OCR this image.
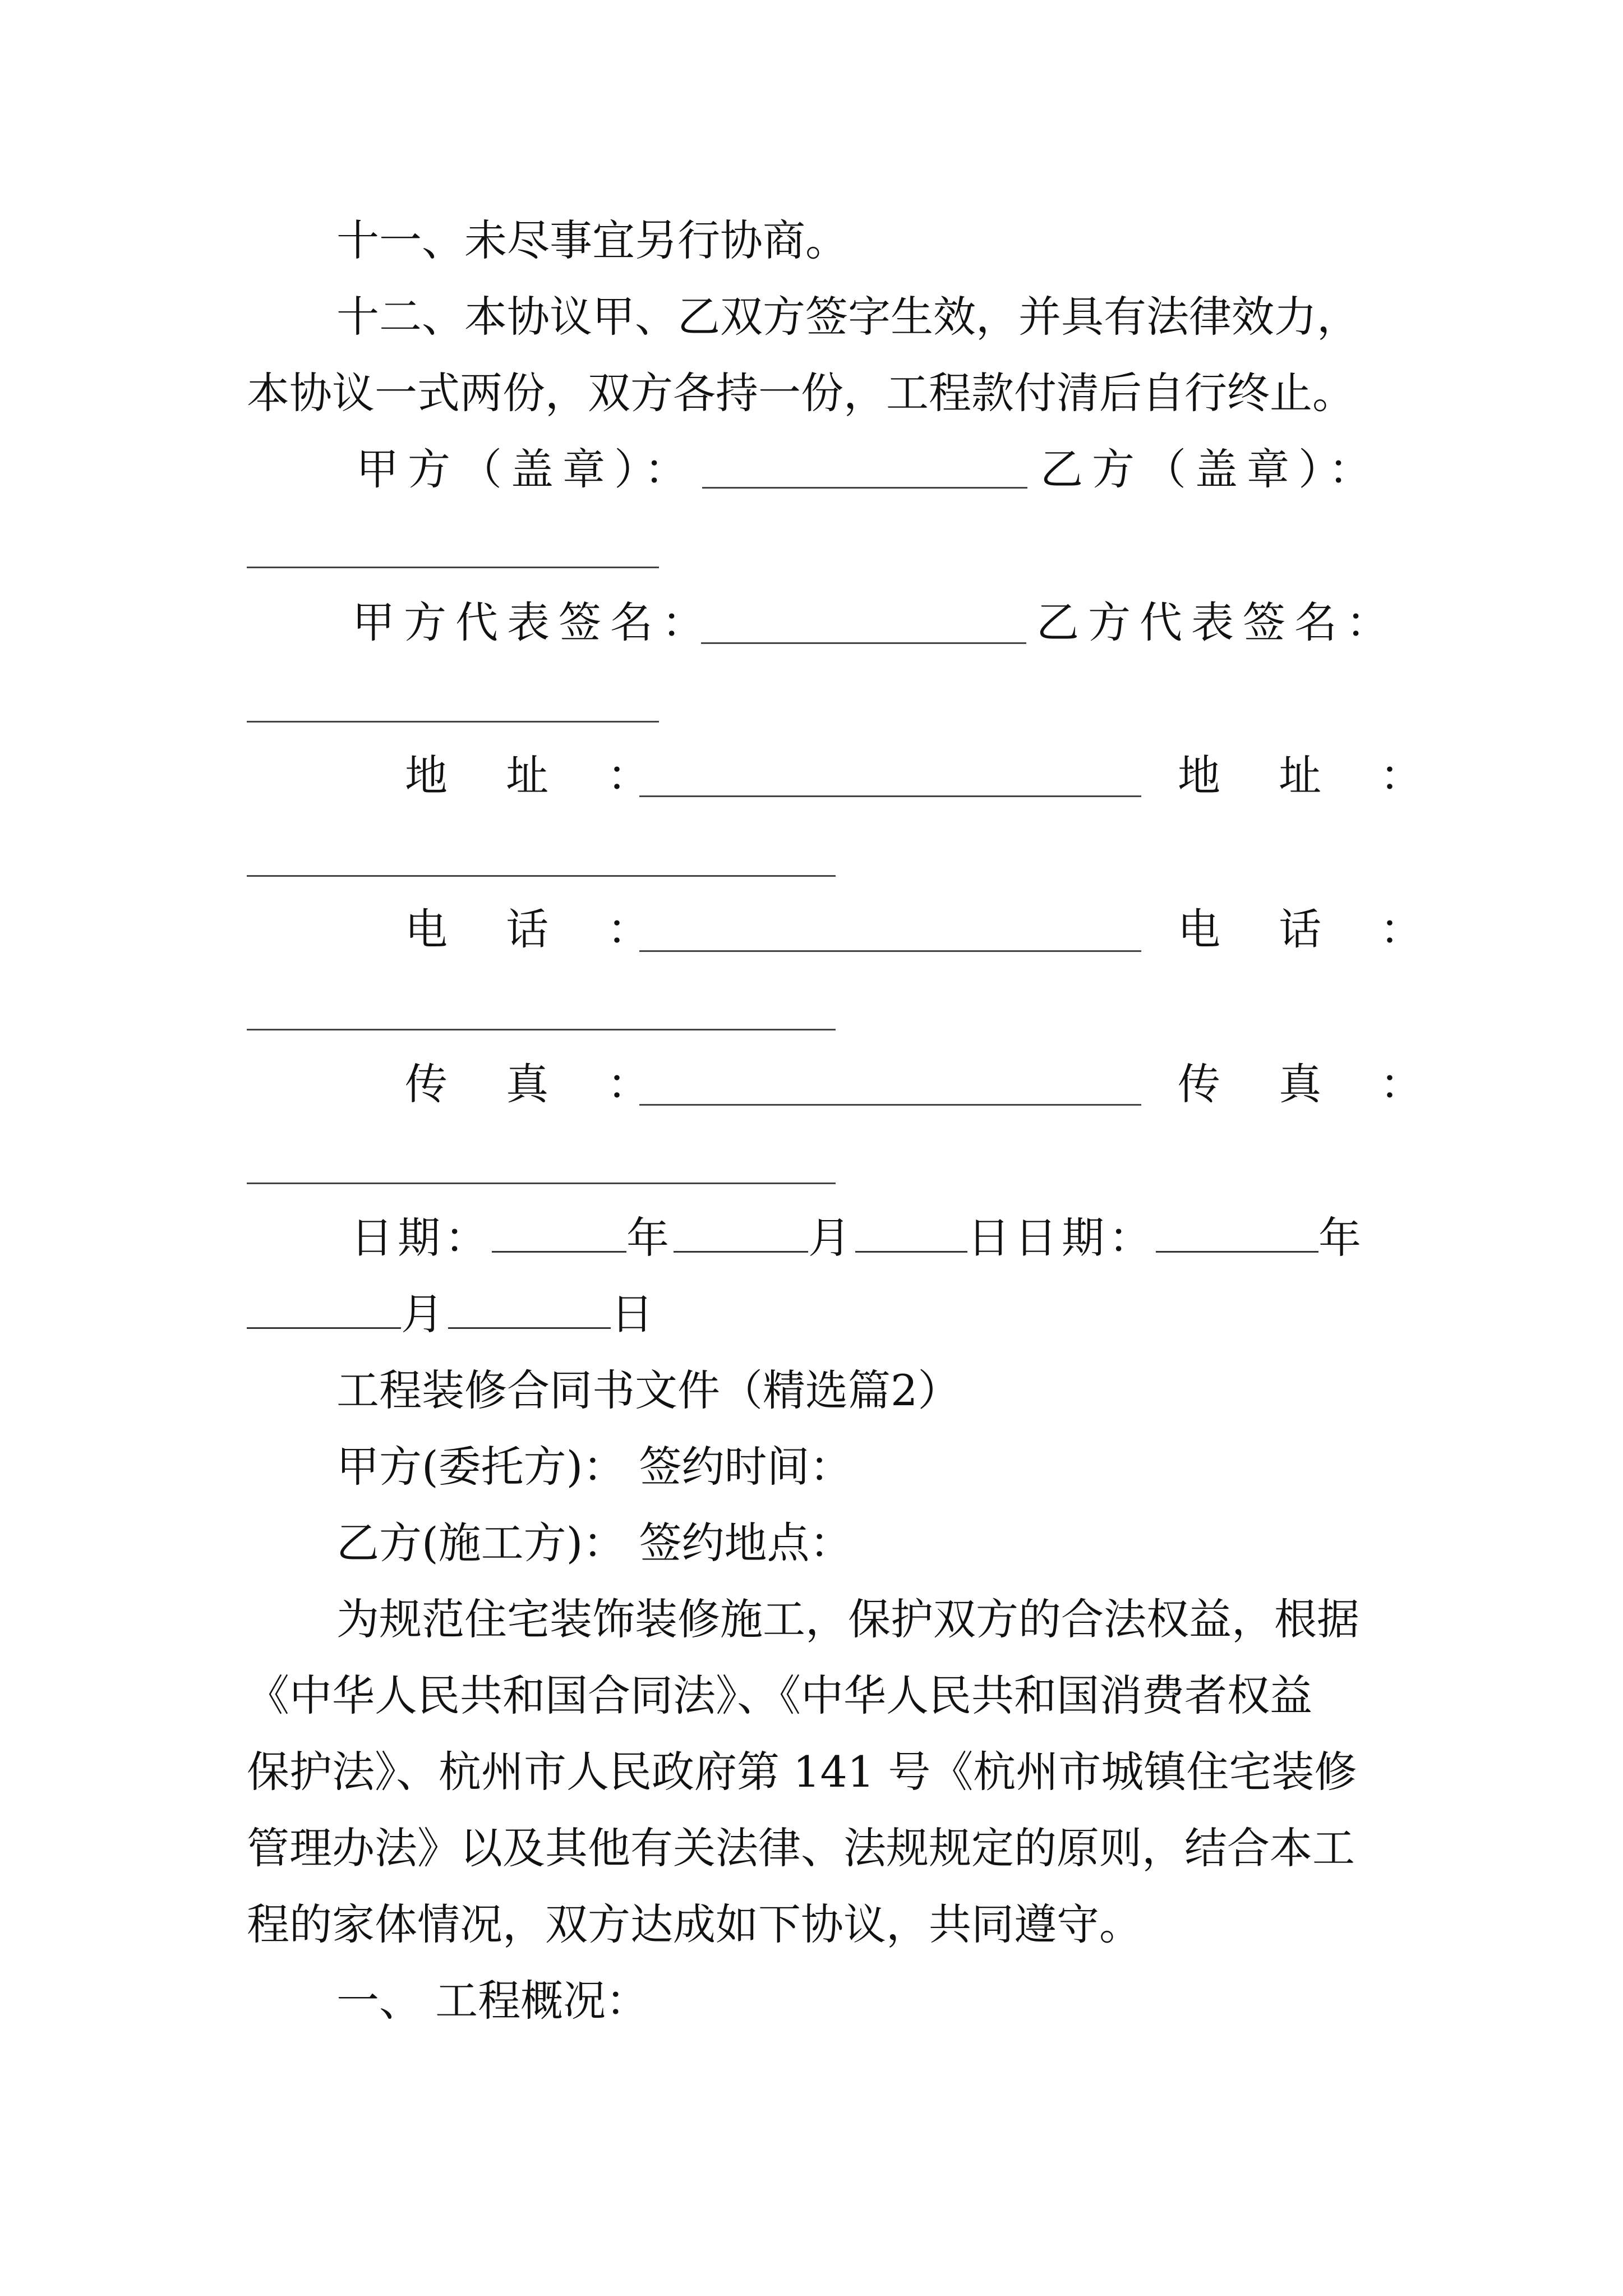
十一、未尽事宜另行协商。
十二、本协议甲、乙双方签字生效，并具有法律效力，
本协议一式两份，双方各持一份，工程款付清后自行终止。
甲方（盖章）：	乙方（盖章）：
甲方代表签名：	乙方代表签名：
地 址 ：	地 址 ：
电 话 ：	电 话 ：
传 真 ：	传 真 ：
日期：	年	月	日日期：	年
月	日
工程装修合同书文件（精选篇2）
甲方(委托方)： 签约时间：
乙方(施工方)： 签约地点：
为规范住宅装饰装修施工，保护双方的合法权益，根据
《中华人民共和国合同法》、《中华人民共和国消费者权益
保护法》、杭州市人民政府第 141 号《杭州市城镇住宅装修
管理办法》以及其他有关法律、法规规定的原则，结合本工
程的家体情况，双方达成如下协议，共同遵守。
一、 工程概况：
